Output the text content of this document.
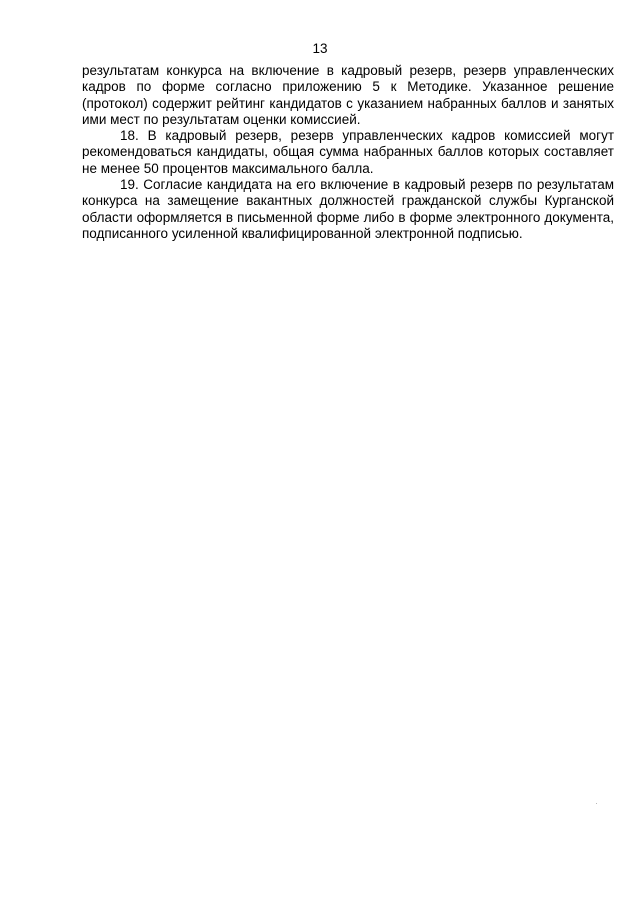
13

результатам конкурса на включение в кадровый резерв, резерв управленческих кадров по форме согласно приложению 5 к Методике. Указанное решение (протокол) содержит рейтинг кандидатов с указанием набранных баллов и занятых ими мест по результатам оценки комиссией.

18. В кадровый резерв, резерв управленческих кадров комиссией могут рекомендоваться кандидаты, общая сумма набранных баллов которых составляет не менее 50 процентов максимального балла.

19. Согласие кандидата на его включение в кадровый резерв по результатам конкурса на замещение вакантных должностей гражданской службы Курганской области оформляется в письменной форме либо в форме электронного документа, подписанного усиленной квалифицированной электронной подписью.
